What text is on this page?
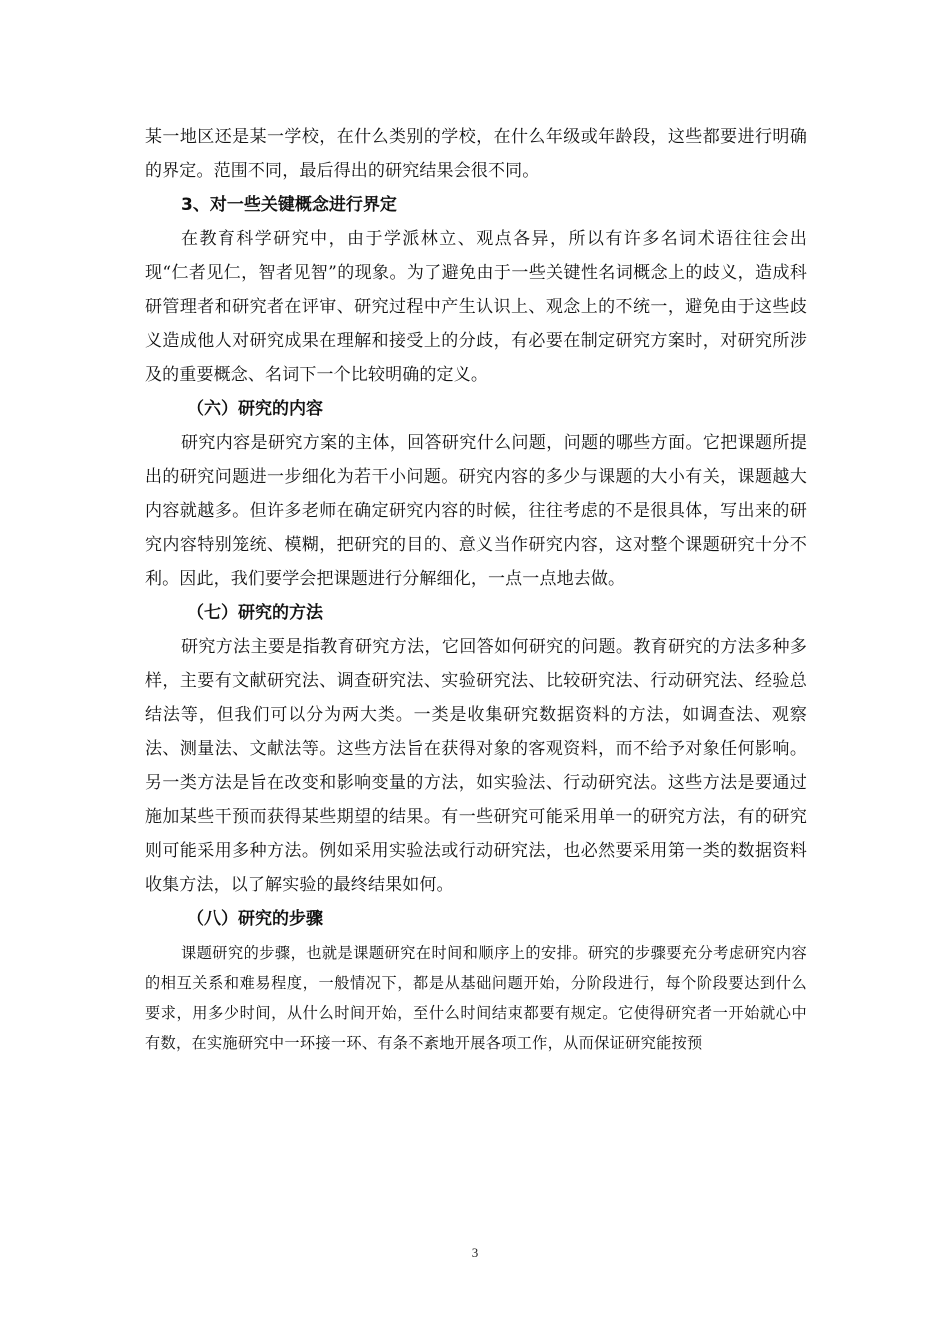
某一地区还是某一学校，在什么类别的学校，在什么年级或年龄段，这些都要进行明确的界定。范围不同，最后得出的研究结果会很不同。

3、对一些关键概念进行界定

在教育科学研究中，由于学派林立、观点各异，所以有许多名词术语往往会出现“仁者见仁，智者见智”的现象。为了避免由于一些关键性名词概念上的歧义，造成科研管理者和研究者在评审、研究过程中产生认识上、观念上的不统一，避免由于这些歧义造成他人对研究成果在理解和接受上的分歧，有必要在制定研究方案时，对研究所涉及的重要概念、名词下一个比较明确的定义。

（六）研究的内容

研究内容是研究方案的主体，回答研究什么问题，问题的哪些方面。它把课题所提出的研究问题进一步细化为若干小问题。研究内容的多少与课题的大小有关，课题越大内容就越多。但许多老师在确定研究内容的时候，往往考虑的不是很具体，写出来的研究内容特别笼统、模糊，把研究的目的、意义当作研究内容，这对整个课题研究十分不利。因此，我们要学会把课题进行分解细化，一点一点地去做。

（七）研究的方法

研究方法主要是指教育研究方法，它回答如何研究的问题。教育研究的方法多种多样，主要有文献研究法、调查研究法、实验研究法、比较研究法、行动研究法、经验总结法等，但我们可以分为两大类。一类是收集研究数据资料的方法，如调查法、观察法、测量法、文献法等。这些方法旨在获得对象的客观资料，而不给予对象任何影响。另一类方法是旨在改变和影响变量的方法，如实验法、行动研究法。这些方法是要通过施加某些干预而获得某些期望的结果。有一些研究可能采用单一的研究方法，有的研究则可能采用多种方法。例如采用实验法或行动研究法，也必然要采用第一类的数据资料收集方法，以了解实验的最终结果如何。

（八）研究的步骤

课题研究的步骤，也就是课题研究在时间和顺序上的安排。研究的步骤要充分考虑研究内容的相互关系和难易程度，一般情况下，都是从基础问题开始，分阶段进行，每个阶段要达到什么要求，用多少时间，从什么时间开始，至什么时间结束都要有规定。它使得研究者一开始就心中有数，在实施研究中一环接一环、有条不紊地开展各项工作，从而保证研究能按预

3
